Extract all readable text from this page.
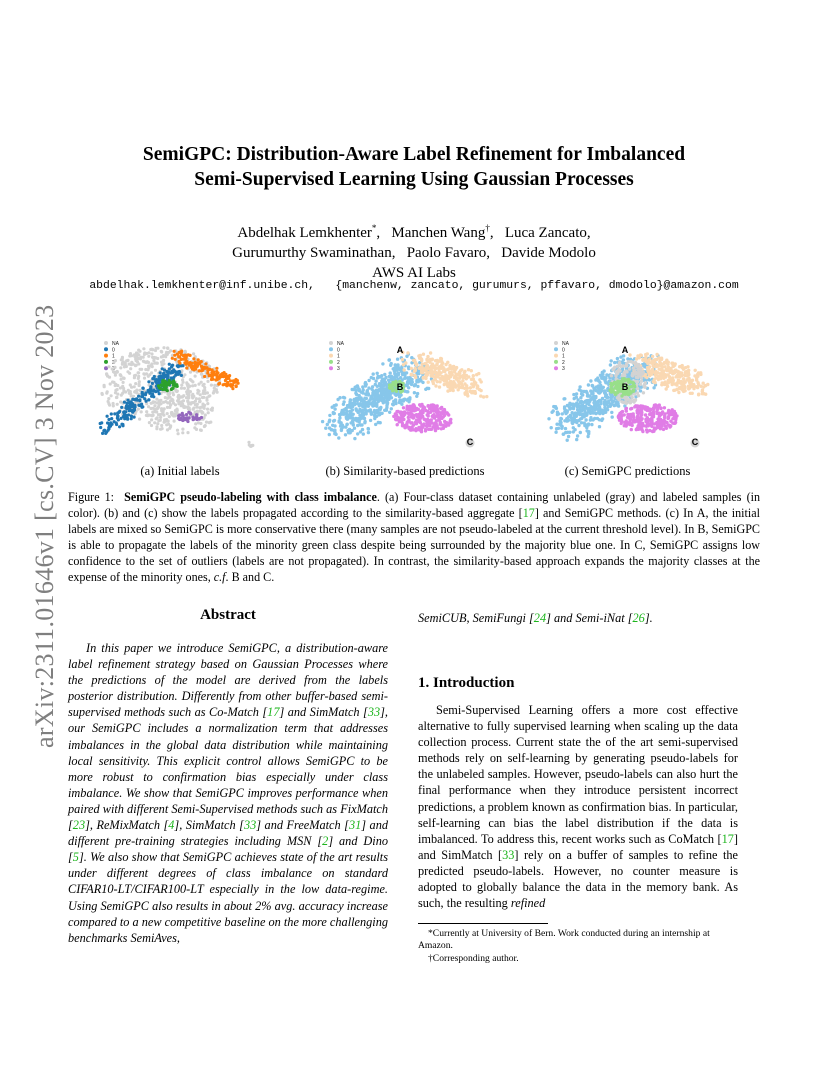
arXiv:2311.01646v1 [cs.CV] 3 Nov 2023
SemiGPC: Distribution-Aware Label Refinement for Imbalanced
Semi-Supervised Learning Using Gaussian Processes
Abdelhak Lemkhenter*,   Manchen Wang†,   Luca Zancato,
Gurumurthy Swaminathan,   Paolo Favaro,   Davide Modolo
AWS AI Labs
abdelhak.lemkhenter@inf.unibe.ch,   {manchenw, zancato, gurumurs, pffavaro, dmodolo}@amazon.com
NA
0
1
NA
0
1
2
3
A
B
C
NA
0
1
2
3
A
B
C
(a) Initial labels	(b) Similarity-based predictions	(c) SemiGPC predictions
Figure 1: SemiGPC pseudo-labeling with class imbalance. (a) Four-class dataset containing unlabeled (gray) and labeled samples (in color). (b) and (c) show the labels propagated according to the similarity-based aggregate [17] and SemiGPC methods. (c) In A, the initial labels are mixed so SemiGPC is more conservative there (many samples are not pseudo-labeled at the current threshold level). In B, SemiGPC is able to propagate the labels of the minority green class despite being surrounded by the majority blue one. In C, SemiGPC assigns low confidence to the set of outliers (labels are not propagated). In contrast, the similarity-based approach expands the majority classes at the expense of the minority ones, c.f. B and C.
Abstract
In this paper we introduce SemiGPC, a distribution-aware label refinement strategy based on Gaussian Processes where the predictions of the model are derived from the labels posterior distribution. Differently from other buffer-based semi-supervised methods such as Co-Match [17] and SimMatch [33], our SemiGPC includes a normalization term that addresses imbalances in the global data distribution while maintaining local sensitivity. This explicit control allows SemiGPC to be more robust to confirmation bias especially under class imbalance. We show that SemiGPC improves performance when paired with different Semi-Supervised methods such as FixMatch [23], ReMixMatch [4], SimMatch [33] and FreeMatch [31] and different pre-training strategies including MSN [2] and Dino [5]. We also show that SemiGPC achieves state of the art results under different degrees of class imbalance on standard CIFAR10-LT/CIFAR100-LT especially in the low data-regime. Using SemiGPC also results in about 2% avg. accuracy increase compared to a new competitive baseline on the more challenging benchmarks SemiAves,
SemiCUB, SemiFungi [24] and Semi-iNat [26].
1. Introduction
Semi-Supervised Learning offers a more cost effective alternative to fully supervised learning when scaling up the data collection process. Current state the of the art semi-supervised methods rely on self-learning by generating pseudo-labels for the unlabeled samples. However, pseudo-labels can also hurt the final performance when they introduce persistent incorrect predictions, a problem known as confirmation bias. In particular, self-learning can bias the label distribution if the data is imbalanced. To address this, recent works such as CoMatch [17] and SimMatch [33] rely on a buffer of samples to refine the predicted pseudo-labels. However, no counter measure is adopted to globally balance the data in the memory bank. As such, the resulting refined
*Currently at University of Bern. Work conducted during an internship at Amazon.
†Corresponding author.
